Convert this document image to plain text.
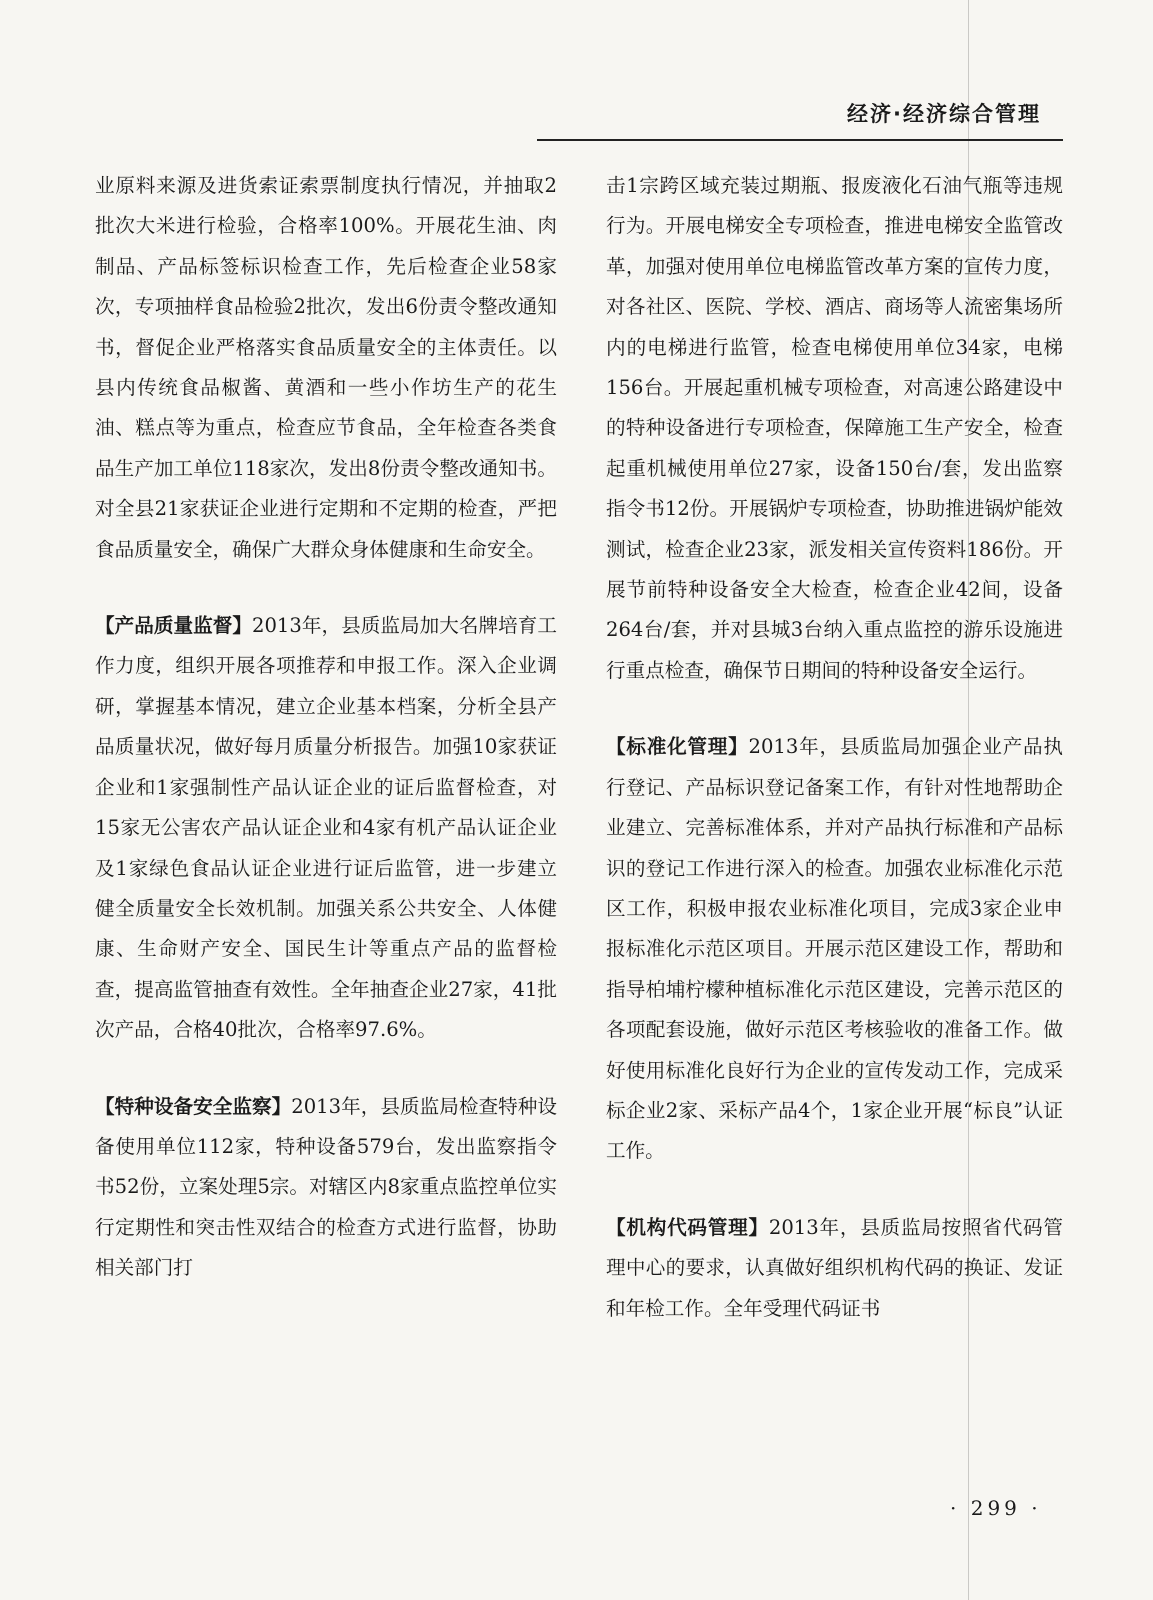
经济·经济综合管理

业原料来源及进货索证索票制度执行情况，并抽取2批次大米进行检验，合格率100%。开展花生油、肉制品、产品标签标识检查工作，先后检查企业58家次，专项抽样食品检验2批次，发出6份责令整改通知书，督促企业严格落实食品质量安全的主体责任。以县内传统食品椒酱、黄酒和一些小作坊生产的花生油、糕点等为重点，检查应节食品，全年检查各类食品生产加工单位118家次，发出8份责令整改通知书。对全县21家获证企业进行定期和不定期的检查，严把食品质量安全，确保广大群众身体健康和生命安全。

【产品质量监督】2013年，县质监局加大名牌培育工作力度，组织开展各项推荐和申报工作。深入企业调研，掌握基本情况，建立企业基本档案，分析全县产品质量状况，做好每月质量分析报告。加强10家获证企业和1家强制性产品认证企业的证后监督检查，对15家无公害农产品认证企业和4家有机产品认证企业及1家绿色食品认证企业进行证后监管，进一步建立健全质量安全长效机制。加强关系公共安全、人体健康、生命财产安全、国民生计等重点产品的监督检查，提高监管抽查有效性。全年抽查企业27家，41批次产品，合格40批次，合格率97.6%。

【特种设备安全监察】2013年，县质监局检查特种设备使用单位112家，特种设备579台，发出监察指令书52份，立案处理5宗。对辖区内8家重点监控单位实行定期性和突击性双结合的检查方式进行监督，协助相关部门打

击1宗跨区域充装过期瓶、报废液化石油气瓶等违规行为。开展电梯安全专项检查，推进电梯安全监管改革，加强对使用单位电梯监管改革方案的宣传力度，对各社区、医院、学校、酒店、商场等人流密集场所内的电梯进行监管，检查电梯使用单位34家，电梯156台。开展起重机械专项检查，对高速公路建设中的特种设备进行专项检查，保障施工生产安全，检查起重机械使用单位27家，设备150台/套，发出监察指令书12份。开展锅炉专项检查，协助推进锅炉能效测试，检查企业23家，派发相关宣传资料186份。开展节前特种设备安全大检查，检查企业42间，设备264台/套，并对县城3台纳入重点监控的游乐设施进行重点检查，确保节日期间的特种设备安全运行。

【标准化管理】2013年，县质监局加强企业产品执行登记、产品标识登记备案工作，有针对性地帮助企业建立、完善标准体系，并对产品执行标准和产品标识的登记工作进行深入的检查。加强农业标准化示范区工作，积极申报农业标准化项目，完成3家企业申报标准化示范区项目。开展示范区建设工作，帮助和指导柏埔柠檬种植标准化示范区建设，完善示范区的各项配套设施，做好示范区考核验收的准备工作。做好使用标准化良好行为企业的宣传发动工作，完成采标企业2家、采标产品4个，1家企业开展“标良”认证工作。

【机构代码管理】2013年，县质监局按照省代码管理中心的要求，认真做好组织机构代码的换证、发证和年检工作。全年受理代码证书

· 299 ·
